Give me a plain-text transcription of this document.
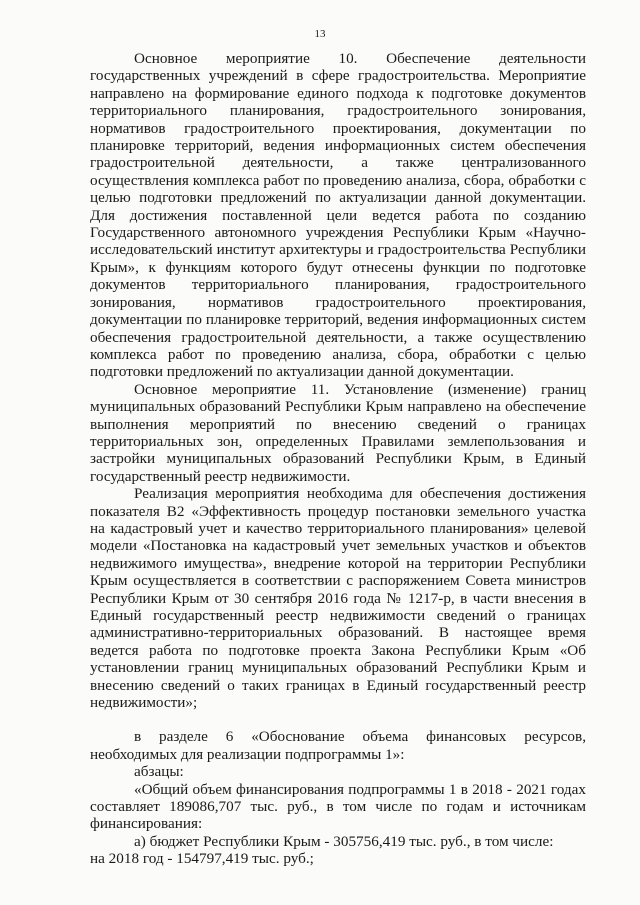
13

Основное мероприятие 10. Обеспечение деятельности государственных учреждений в сфере градостроительства. Мероприятие направлено на формирование единого подхода к подготовке документов территориального планирования, градостроительного зонирования, нормативов градостроительного проектирования, документации по планировке территорий, ведения информационных систем обеспечения градостроительной деятельности, а также централизованного осуществления комплекса работ по проведению анализа, сбора, обработки с целью подготовки предложений по актуализации данной документации. Для достижения поставленной цели ведется работа по созданию Государственного автономного учреждения Республики Крым «Научно-исследовательский институт архитектуры и градостроительства Республики Крым», к функциям которого будут отнесены функции по подготовке документов территориального планирования, градостроительного зонирования, нормативов градостроительного проектирования, документации по планировке территорий, ведения информационных систем обеспечения градостроительной деятельности, а также осуществлению комплекса работ по проведению анализа, сбора, обработки с целью подготовки предложений по актуализации данной документации.

Основное мероприятие 11. Установление (изменение) границ муниципальных образований Республики Крым направлено на обеспечение выполнения мероприятий по внесению сведений о границах территориальных зон, определенных Правилами землепользования и застройки муниципальных образований Республики Крым, в Единый государственный реестр недвижимости.

Реализация мероприятия необходима для обеспечения достижения показателя В2 «Эффективность процедур постановки земельного участка на кадастровый учет и качество территориального планирования» целевой модели «Постановка на кадастровый учет земельных участков и объектов недвижимого имущества», внедрение которой на территории Республики Крым осуществляется в соответствии с распоряжением Совета министров Республики Крым от 30 сентября 2016 года № 1217-р, в части внесения в Единый государственный реестр недвижимости сведений о границах административно-территориальных образований. В настоящее время ведется работа по подготовке проекта Закона Республики Крым «Об установлении границ муниципальных образований Республики Крым и внесению сведений о таких границах в Единый государственный реестр недвижимости»;

в разделе 6 «Обоснование объема финансовых ресурсов, необходимых для реализации подпрограммы 1»:

абзацы:

«Общий объем финансирования подпрограммы 1 в 2018 - 2021 годах составляет 189086,707 тыс. руб., в том числе по годам и источникам финансирования:

а) бюджет Республики Крым - 305756,419 тыс. руб., в том числе:

на 2018 год - 154797,419 тыс. руб.;
